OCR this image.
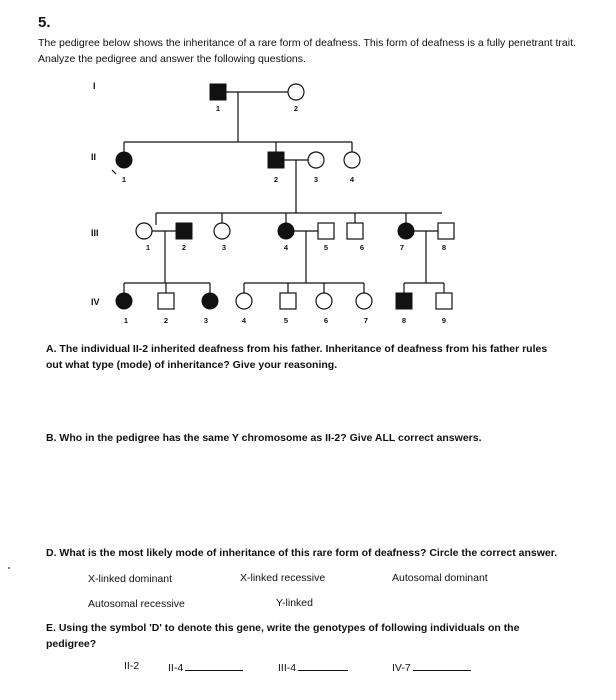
5.
The pedigree below shows the inheritance of a rare form of deafness. This form of deafness is a fully penetrant trait. Analyze the pedigree and answer the following questions.
I
II
III
IV
1	2
1	2	3	4
1	2	3	4	5	6	7	8
1	2	3	4	5	6	7	8	9
A. The individual II-2 inherited deafness from his father. Inheritance of deafness from his father rules out what type (mode) of inheritance? Give your reasoning.
B. Who in the pedigree has the same Y chromosome as II-2? Give ALL correct answers.
D. What is the most likely mode of inheritance of this rare form of deafness? Circle the correct answer.
X-linked dominant	X-linked recessive	Autosomal dominant
Autosomal recessive	Y-linked
E. Using the symbol 'D' to denote this gene, write the genotypes of following individuals on the pedigree?
II-2	II-4	III-4	IV-7
